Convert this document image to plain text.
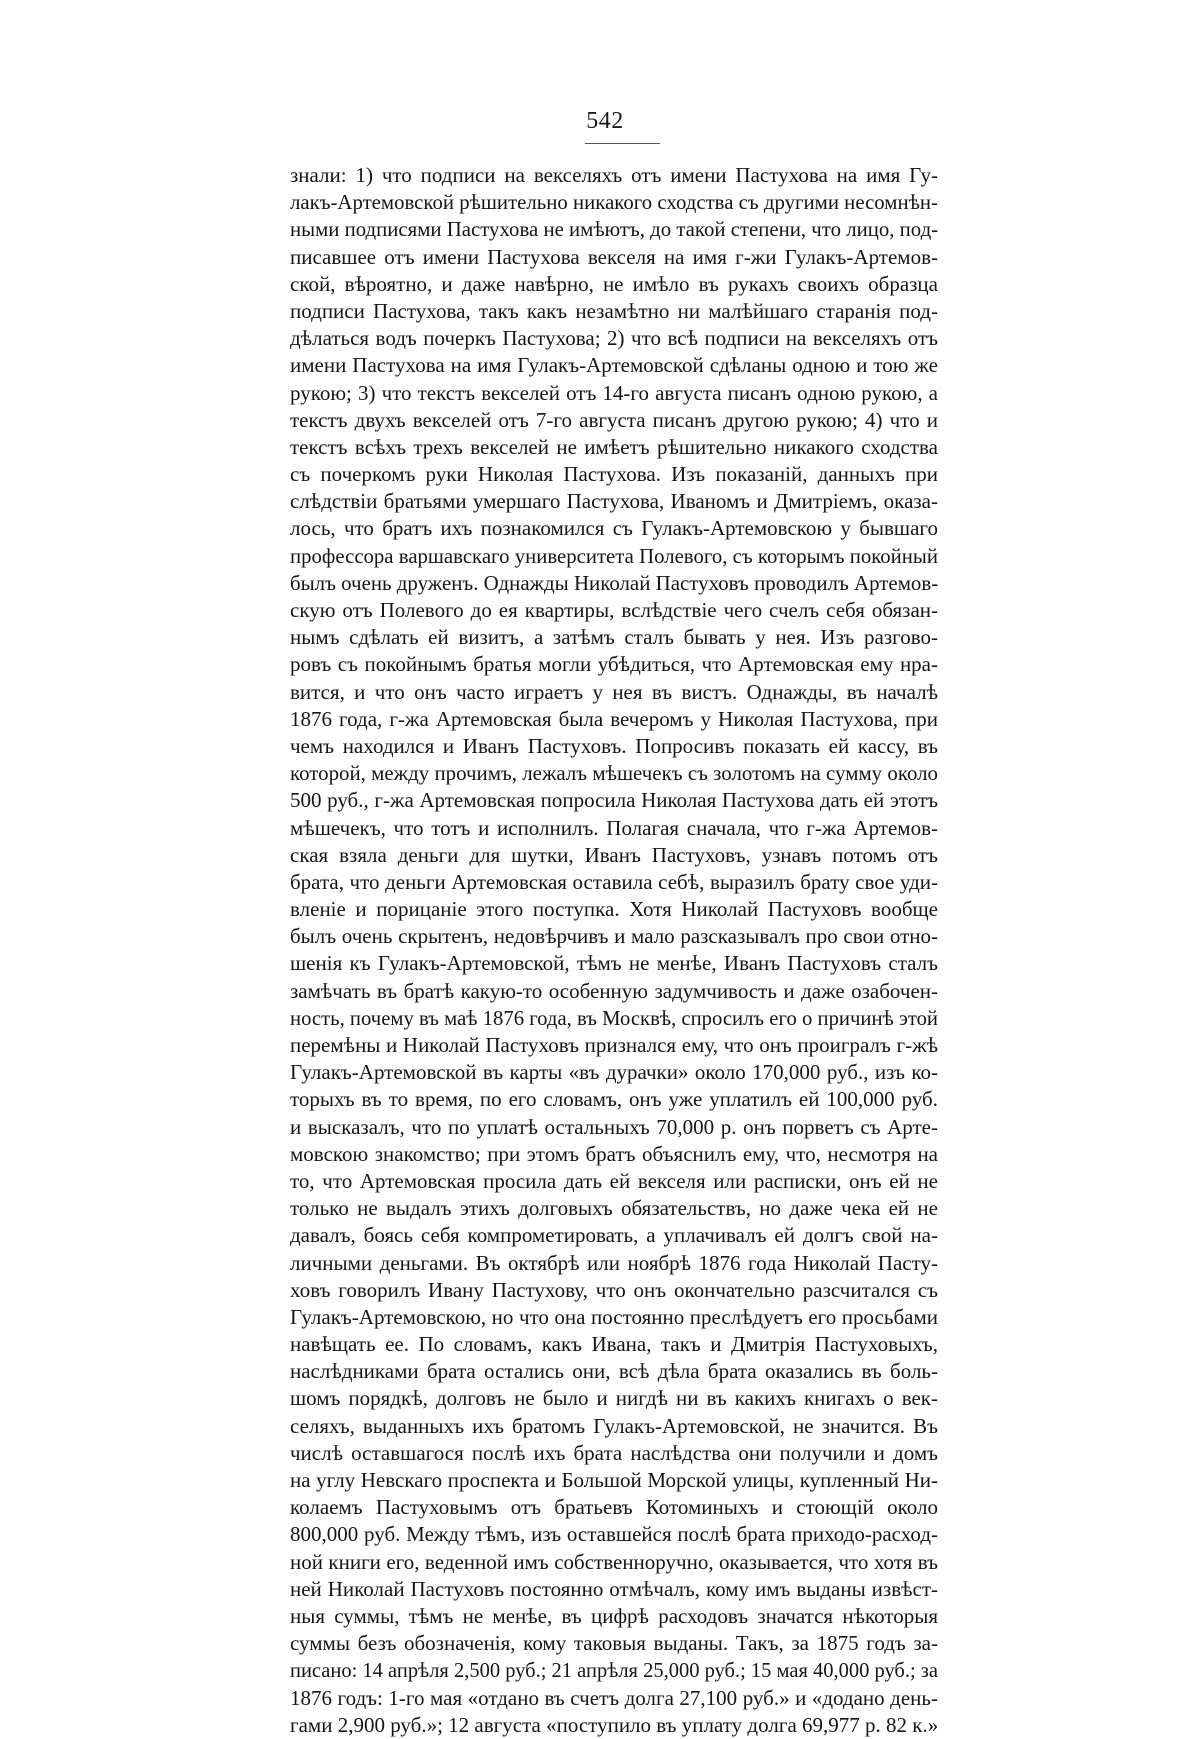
542
знали: 1) что подписи на векселяхъ отъ имени Пастухова на имя Гу-
лакъ-Артемовской рѣшительно никакого сходства съ другими несомнѣн-
ными подписями Пастухова не имѣютъ, до такой степени, что лицо, под-
писавшее отъ имени Пастухова векселя на имя г-жи Гулакъ-Артемов-
ской, вѣроятно, и даже навѣрно, не имѣло въ рукахъ своихъ образца
подписи Пастухова, такъ какъ незамѣтно ни малѣйшаго старанія под-
дѣлаться водъ почеркъ Пастухова; 2) что всѣ подписи на векселяхъ отъ
имени Пастухова на имя Гулакъ-Артемовской сдѣланы одною и тою же
рукою; 3) что текстъ векселей отъ 14-го августа писанъ одною рукою, а
текстъ двухъ векселей отъ 7-го августа писанъ другою рукою; 4) что и
текстъ всѣхъ трехъ векселей не имѣетъ рѣшительно никакого сходства
съ почеркомъ руки Николая Пастухова. Изъ показаній, данныхъ при
слѣдствіи братьями умершаго Пастухова, Иваномъ и Дмитріемъ, оказа-
лось, что братъ ихъ познакомился съ Гулакъ-Артемовскою у бывшаго
профессора варшавскаго университета Полевого, съ которымъ покойный
былъ очень друженъ. Однажды Николай Пастуховъ проводилъ Артемов-
скую отъ Полевого до ея квартиры, вслѣдствіе чего счелъ себя обязан-
нымъ сдѣлать ей визитъ, а затѣмъ сталъ бывать у нея. Изъ разгово-
ровъ съ покойнымъ братья могли убѣдиться, что Артемовская ему нра-
вится, и что онъ часто играетъ у нея въ вистъ. Однажды, въ началѣ
1876 года, г-жа Артемовская была вечеромъ у Николая Пастухова, при
чемъ находился и Иванъ Пастуховъ. Попросивъ показать ей кассу, въ
которой, между прочимъ, лежалъ мѣшечекъ съ золотомъ на сумму около
500 руб., г-жа Артемовская попросила Николая Пастухова дать ей этотъ
мѣшечекъ, что тотъ и исполнилъ. Полагая сначала, что г-жа Артемов-
ская взяла деньги для шутки, Иванъ Пастуховъ, узнавъ потомъ отъ
брата, что деньги Артемовская оставила себѣ, выразилъ брату свое уди-
вленіе и порицаніе этого поступка. Хотя Николай Пастуховъ вообще
былъ очень скрытенъ, недовѣрчивъ и мало разсказывалъ про свои отно-
шенія къ Гулакъ-Артемовской, тѣмъ не менѣе, Иванъ Пастуховъ сталъ
замѣчать въ братѣ какую-то особенную задумчивость и даже озабочен-
ность, почему въ маѣ 1876 года, въ Москвѣ, спросилъ его о причинѣ этой
перемѣны и Николай Пастуховъ признался ему, что онъ проигралъ г-жѣ
Гулакъ-Артемовской въ карты «въ дурачки» около 170,000 руб., изъ ко-
торыхъ въ то время, по его словамъ, онъ уже уплатилъ ей 100,000 руб.
и высказалъ, что по уплатѣ остальныхъ 70,000 р. онъ порветъ съ Арте-
мовскою знакомство; при этомъ братъ объяснилъ ему, что, несмотря на
то, что Артемовская просила дать ей векселя или расписки, онъ ей не
только не выдалъ этихъ долговыхъ обязательствъ, но даже чека ей не
давалъ, боясь себя компрометировать, а уплачивалъ ей долгъ свой на-
личными деньгами. Въ октябрѣ или ноябрѣ 1876 года Николай Пасту-
ховъ говорилъ Ивану Пастухову, что онъ окончательно разсчитался съ
Гулакъ-Артемовскою, но что она постоянно преслѣдуетъ его просьбами
навѣщать ее. По словамъ, какъ Ивана, такъ и Дмитрія Пастуховыхъ,
наслѣдниками брата остались они, всѣ дѣла брата оказались въ боль-
шомъ порядкѣ, долговъ не было и нигдѣ ни въ какихъ книгахъ о век-
селяхъ, выданныхъ ихъ братомъ Гулакъ-Артемовской, не значится. Въ
числѣ оставшагося послѣ ихъ брата наслѣдства они получили и домъ
на углу Невскаго проспекта и Большой Морской улицы, купленный Ни-
колаемъ Пастуховымъ отъ братьевъ Котоминыхъ и стоющій около
800,000 руб. Между тѣмъ, изъ оставшейся послѣ брата приходо-расход-
ной книги его, веденной имъ собственноручно, оказывается, что хотя въ
ней Николай Пастуховъ постоянно отмѣчалъ, кому имъ выданы извѣст-
ныя суммы, тѣмъ не менѣе, въ цифрѣ расходовъ значатся нѣкоторыя
суммы безъ обозначенія, кому таковыя выданы. Такъ, за 1875 годъ за-
писано: 14 апрѣля 2,500 руб.; 21 апрѣля 25,000 руб.; 15 мая 40,000 руб.; за
1876 годъ: 1-го мая «отдано въ счетъ долга 27,100 руб.» и «додано день-
гами 2,900 руб.»; 12 августа «поступило въ уплату долга 69,977 р. 82 к.»
